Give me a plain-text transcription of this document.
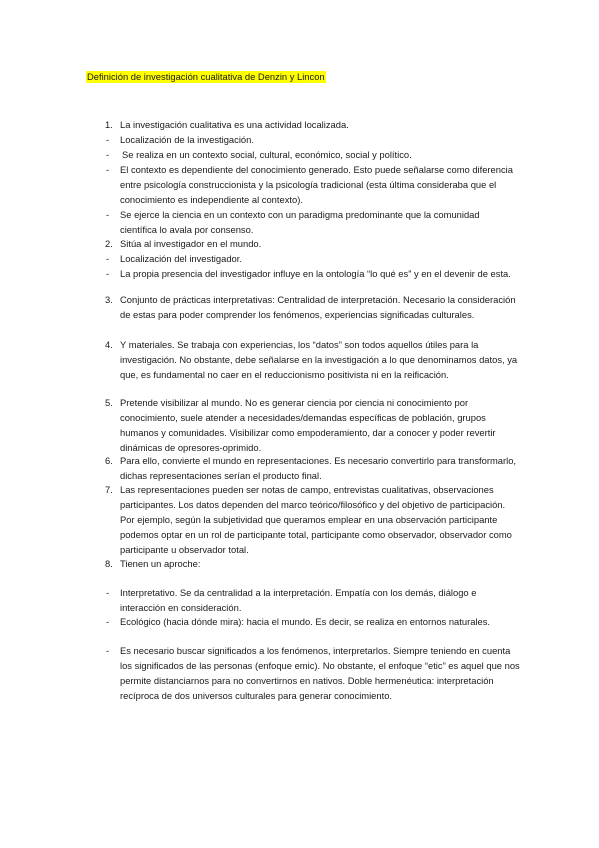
Definición de investigación cualitativa de Denzin y Lincon
1. La investigación cualitativa es una actividad localizada.
-	Localización de la investigación.
-	Se realiza en un contexto social, cultural, económico, social y político.
-	El contexto es dependiente del conocimiento generado. Esto puede señalarse como diferencia entre psicología construccionista y la psicología tradicional (esta última consideraba que el conocimiento es independiente al contexto).
-	Se ejerce la ciencia en un contexto con un paradigma predominante que la comunidad científica lo avala por consenso.
2. Sitúa al investigador en el mundo.
-	Localización del investigador.
-	La propia presencia del investigador influye en la ontología “lo qué es” y en el devenir de esta.
3. Conjunto de prácticas interpretativas: Centralidad de interpretación. Necesario la consideración de estas para poder comprender los fenómenos, experiencias significadas culturales.
4. Y materiales. Se trabaja con experiencias, los “datos” son todos aquellos útiles para la investigación. No obstante, debe señalarse en la investigación a lo que denominamos datos, ya que, es fundamental no caer en el reduccionismo positivista ni en la reificación.
5. Pretende visibilizar al mundo. No es generar ciencia por ciencia ni conocimiento por conocimiento, suele atender a necesidades/demandas específicas de población, grupos humanos y comunidades. Visibilizar como empoderamiento, dar a conocer y poder revertir dinámicas de opresores-oprimido.
6. Para ello, convierte el mundo en representaciones. Es necesario convertirlo para transformarlo, dichas representaciones serían el producto final.
7. Las representaciones pueden ser notas de campo, entrevistas cualitativas, observaciones participantes. Los datos dependen del marco teórico/filosófico y del objetivo de participación. Por ejemplo, según la subjetividad que queramos emplear en una observación participante podemos optar en un rol de participante total, participante como observador, observador como participante u observador total.
8. Tienen un aproche:
-	Interpretativo. Se da centralidad a la interpretación. Empatía con los demás, diálogo e interacción en consideración.
-	Ecológico (hacia dónde mira): hacia el mundo. Es decir, se realiza en entornos naturales.
-	Es necesario buscar significados a los fenómenos, interpretarlos. Siempre teniendo en cuenta los significados de las personas (enfoque emic). No obstante, el enfoque “etic” es aquel que nos permite distanciarnos para no convertirnos en nativos. Doble hermenéutica: interpretación recíproca de dos universos culturales para generar conocimiento.
